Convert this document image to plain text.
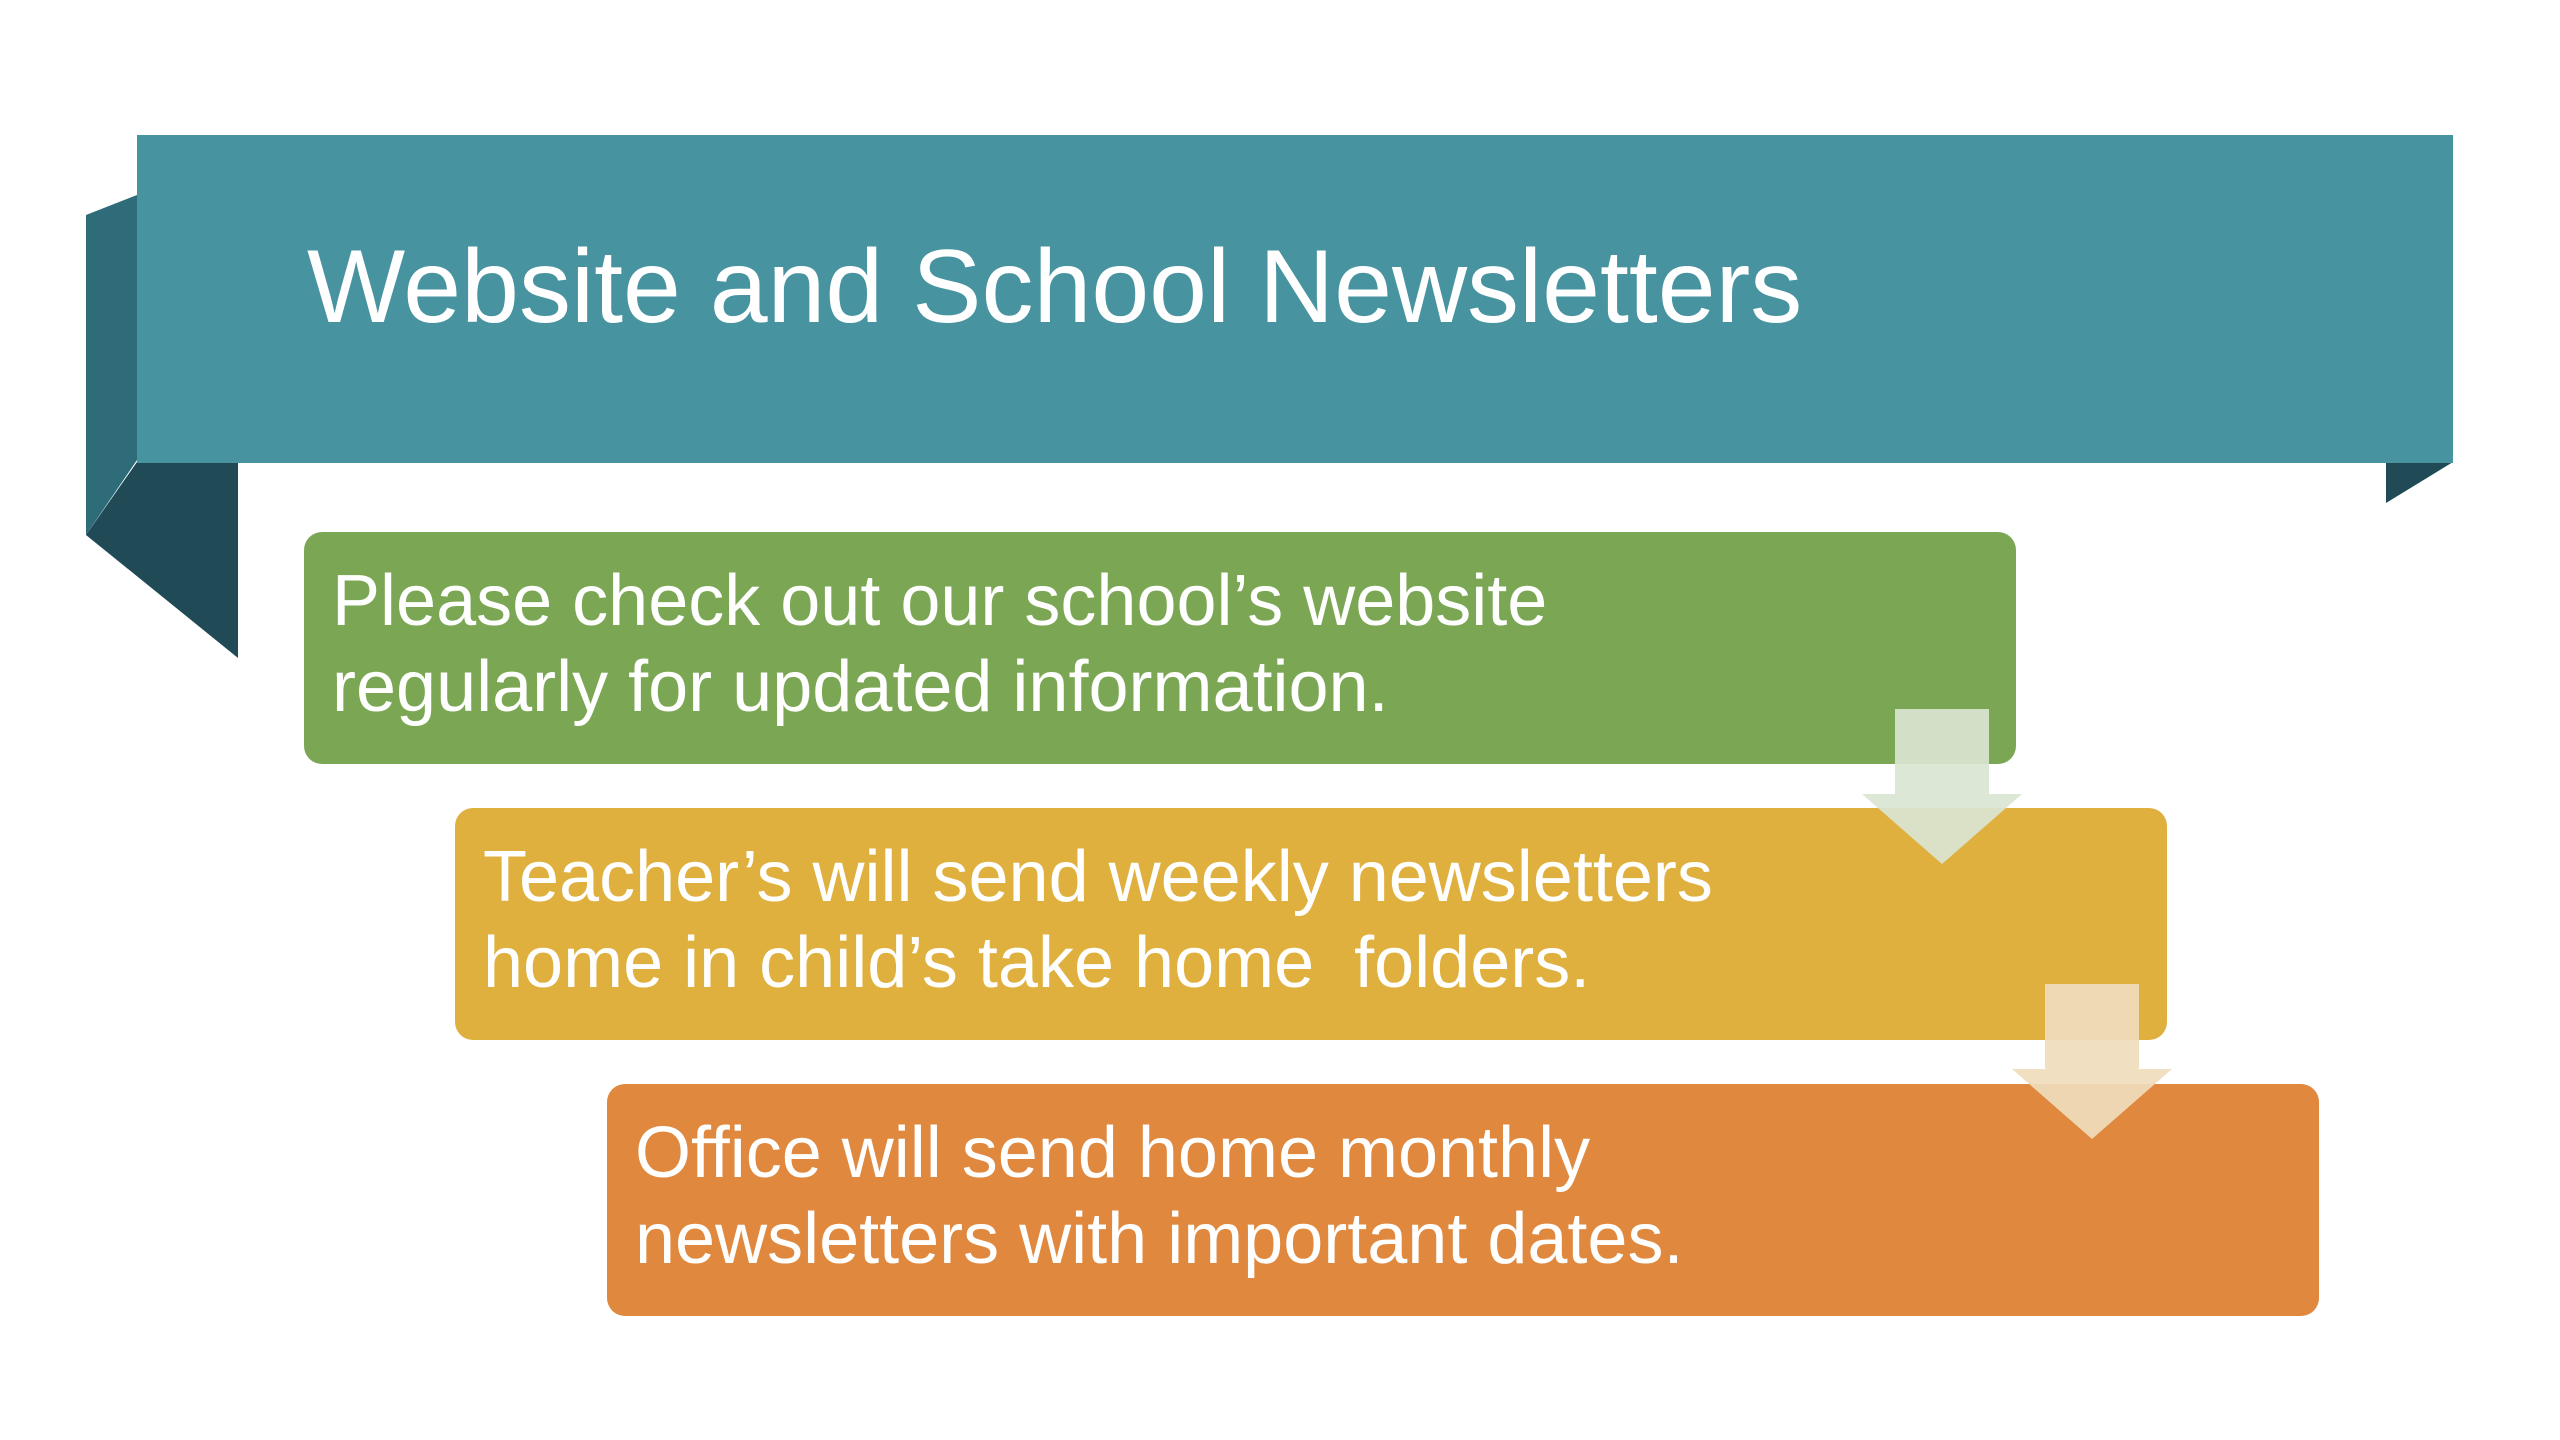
Website and School Newsletters
Please check out our school’s website
regularly for updated information.
Teacher’s will send weekly newsletters
home in child’s take home  folders.
Office will send home monthly
newsletters with important dates.
